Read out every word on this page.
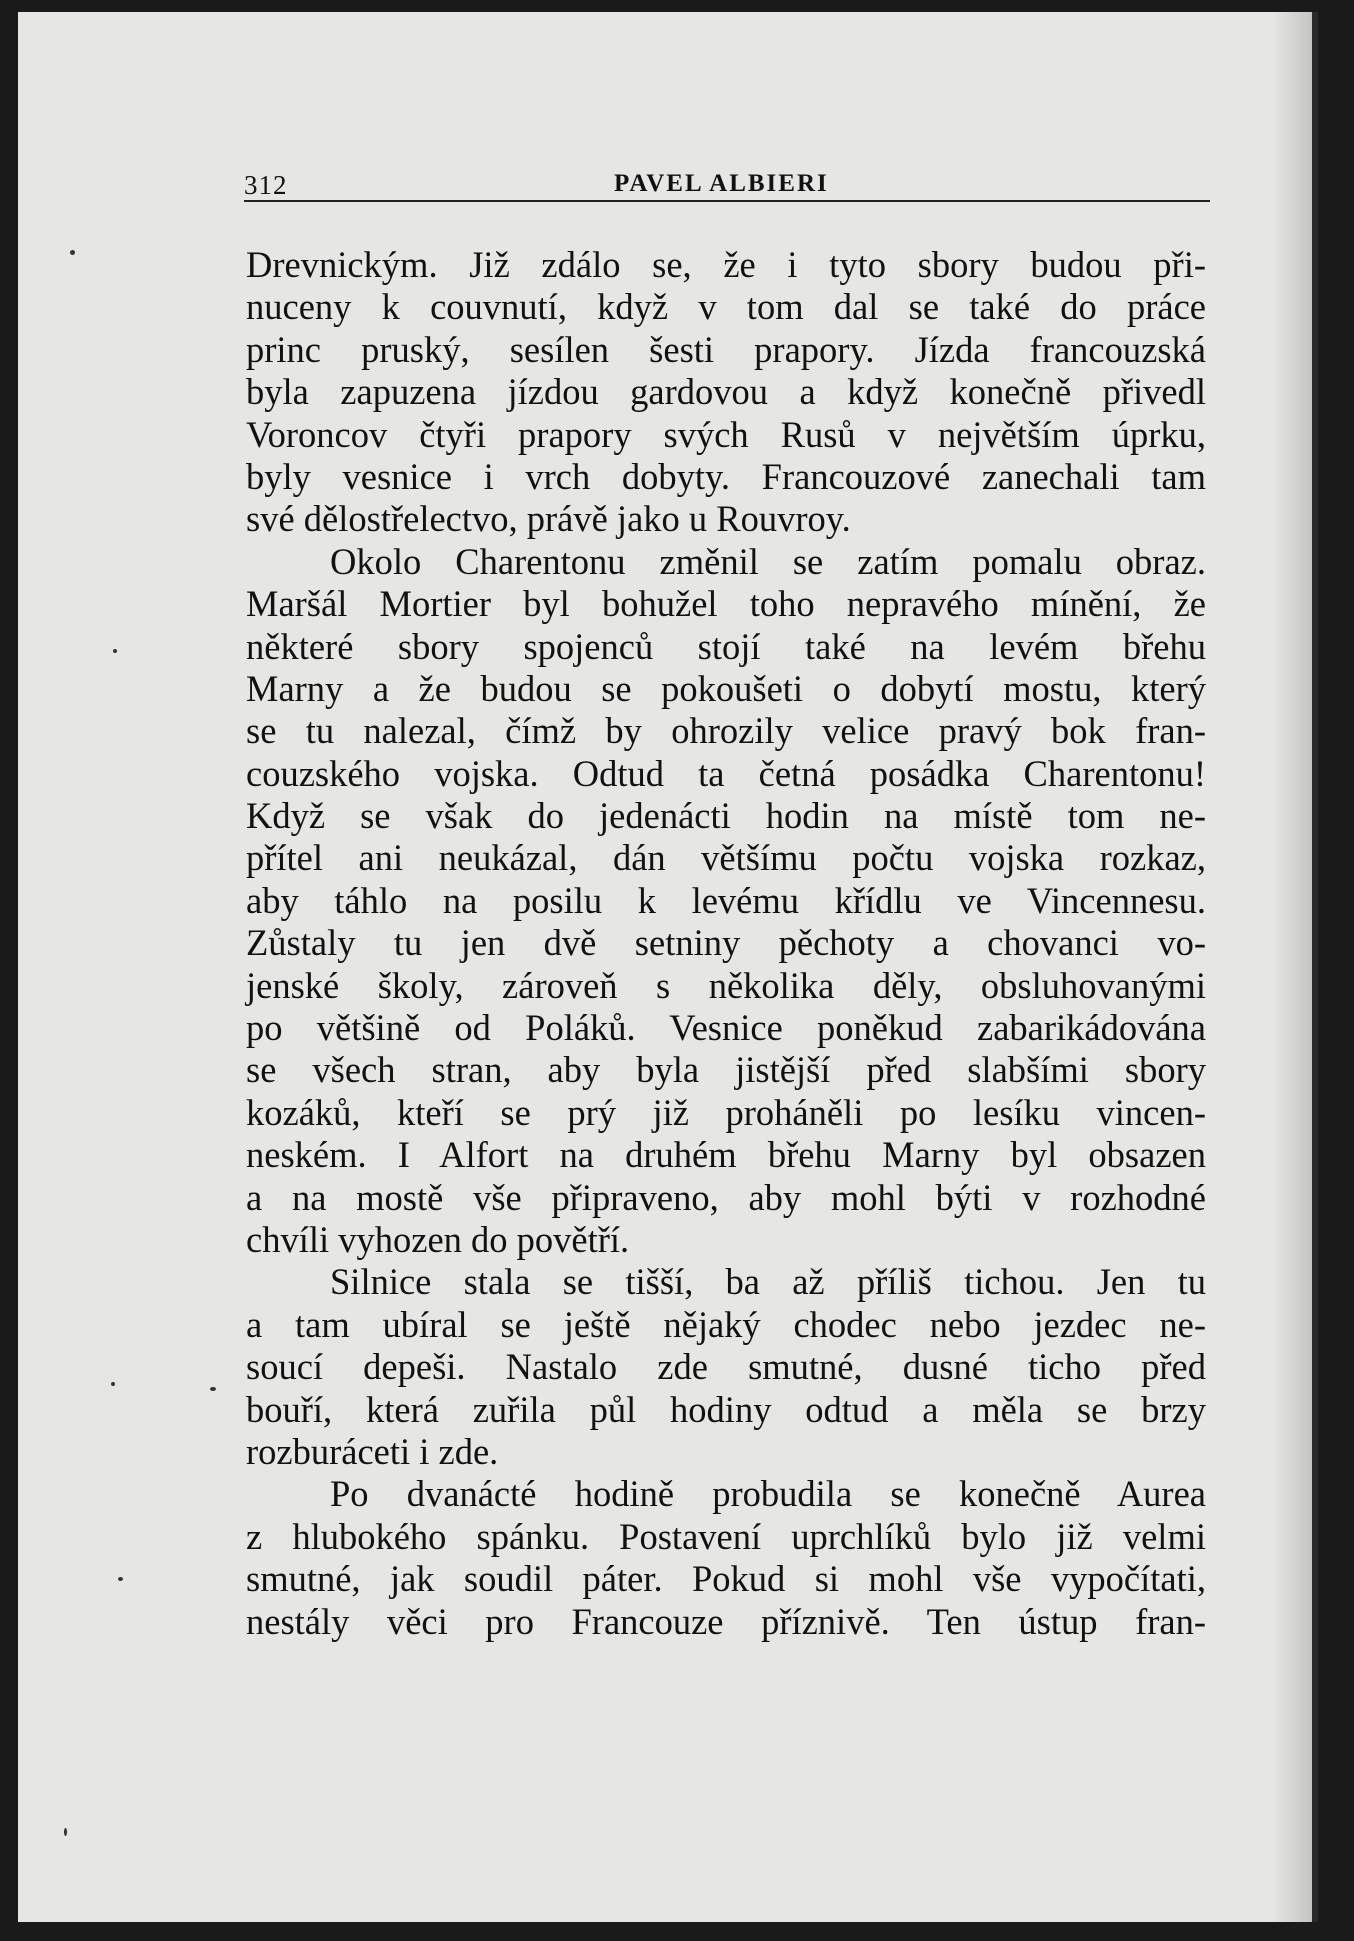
312	PAVEL ALBIERI
Drevnickým. Již zdálo se, že i tyto sbory budou při-
nuceny k couvnutí, když v tom dal se také do práce
princ pruský, sesílen šesti prapory. Jízda francouzská
byla zapuzena jízdou gardovou a když konečně přivedl
Voroncov čtyři prapory svých Rusů v největším úprku,
byly vesnice i vrch dobyty. Francouzové zanechali tam
své dělostřelectvo, právě jako u Rouvroy.
Okolo Charentonu změnil se zatím pomalu obraz.
Maršál Mortier byl bohužel toho nepravého mínění, že
některé sbory spojenců stojí také na levém břehu
Marny a že budou se pokoušeti o dobytí mostu, který
se tu nalezal, čímž by ohrozily velice pravý bok fran-
couzského vojska. Odtud ta četná posádka Charentonu!
Když se však do jedenácti hodin na místě tom ne-
přítel ani neukázal, dán většímu počtu vojska rozkaz,
aby táhlo na posilu k levému křídlu ve Vincennesu.
Zůstaly tu jen dvě setniny pěchoty a chovanci vo-
jenské školy, zároveň s několika děly, obsluhovanými
po většině od Poláků. Vesnice poněkud zabarikádována
se všech stran, aby byla jistější před slabšími sbory
kozáků, kteří se prý již proháněli po lesíku vincen-
neském. I Alfort na druhém břehu Marny byl obsazen
a na mostě vše připraveno, aby mohl býti v rozhodné
chvíli vyhozen do povětří.
Silnice stala se tišší, ba až příliš tichou. Jen tu
a tam ubíral se ještě nějaký chodec nebo jezdec ne-
soucí depeši. Nastalo zde smutné, dusné ticho před
bouří, která zuřila půl hodiny odtud a měla se brzy
rozburáceti i zde.
Po dvanácté hodině probudila se konečně Aurea
z hlubokého spánku. Postavení uprchlíků bylo již velmi
smutné, jak soudil páter. Pokud si mohl vše vypočítati,
nestály věci pro Francouze příznivě. Ten ústup fran-
